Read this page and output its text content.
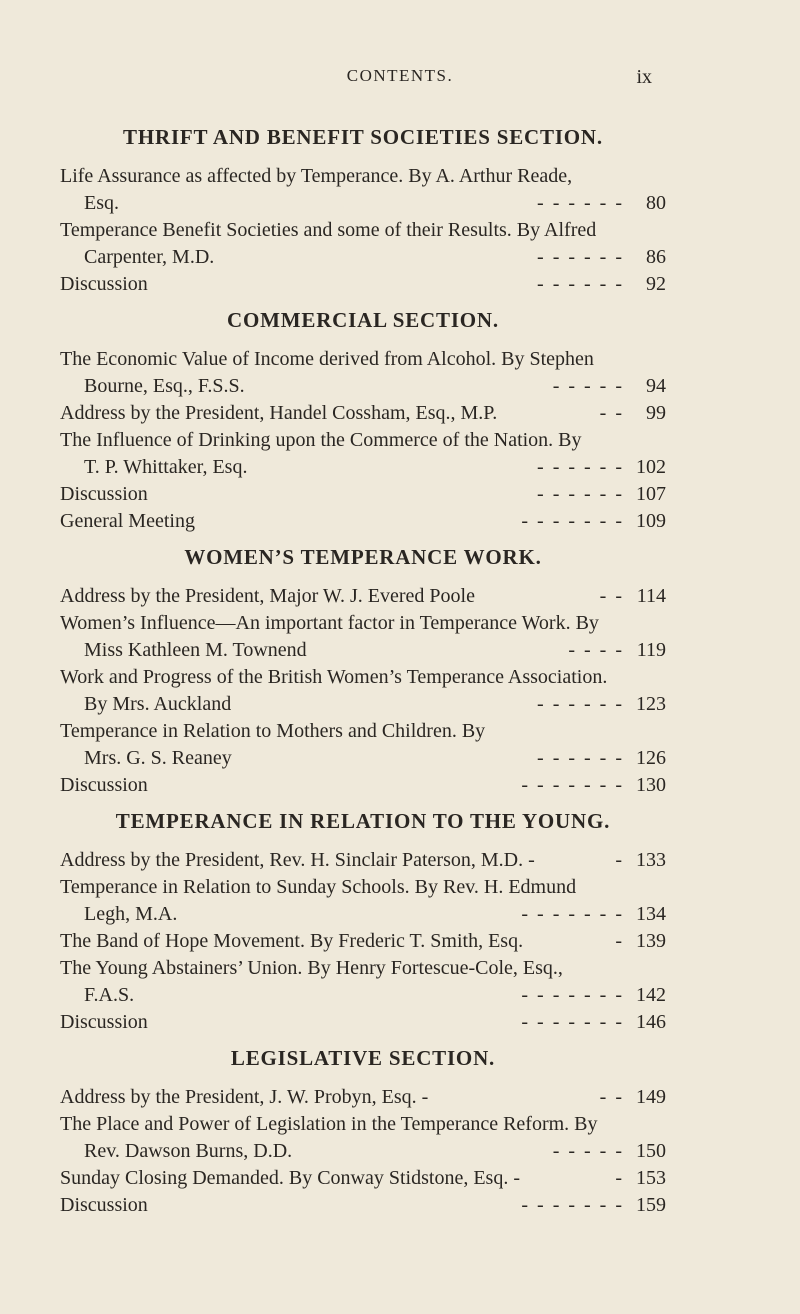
CONTENTS.	ix
THRIFT AND BENEFIT SOCIETIES SECTION.
Life Assurance as affected by Temperance. By A. Arthur Reade,
Esq.	- - - - - -	80
Temperance Benefit Societies and some of their Results. By Alfred
Carpenter, M.D.	- - - - - -	86
Discussion	- - - - - -	92
COMMERCIAL SECTION.
The Economic Value of Income derived from Alcohol. By Stephen
Bourne, Esq., F.S.S.	- - - - -	94
Address by the President, Handel Cossham, Esq., M.P.	- -	99
The Influence of Drinking upon the Commerce of the Nation. By
T. P. Whittaker, Esq.	- - - - - - 102
Discussion	- - - - - - 107
General Meeting	- - - - - - - 109
WOMEN’S TEMPERANCE WORK.
Address by the President, Major W. J. Evered Poole	- - 114
Women’s Influence—An important factor in Temperance Work. By
Miss Kathleen M. Townend	- - - - 119
Work and Progress of the British Women’s Temperance Association.
By Mrs. Auckland	- - - - - - 123
Temperance in Relation to Mothers and Children. By
Mrs. G. S. Reaney	- - - - - - 126
Discussion	- - - - - - - 130
TEMPERANCE IN RELATION TO THE YOUNG.
Address by the President, Rev. H. Sinclair Paterson, M.D. -	- 133
Temperance in Relation to Sunday Schools. By Rev. H. Edmund
Legh, M.A.	- - - - - - - 134
The Band of Hope Movement. By Frederic T. Smith, Esq.	- 139
The Young Abstainers’ Union. By Henry Fortescue-Cole, Esq.,
F.A.S.	- - - - - - - 142
Discussion	- - - - - - - 146
LEGISLATIVE SECTION.
Address by the President, J. W. Probyn, Esq. -	- - 149
The Place and Power of Legislation in the Temperance Reform. By
Rev. Dawson Burns, D.D.	- - - - - 150
Sunday Closing Demanded. By Conway Stidstone, Esq. -	- 153
Discussion	- - - - - - - 159
